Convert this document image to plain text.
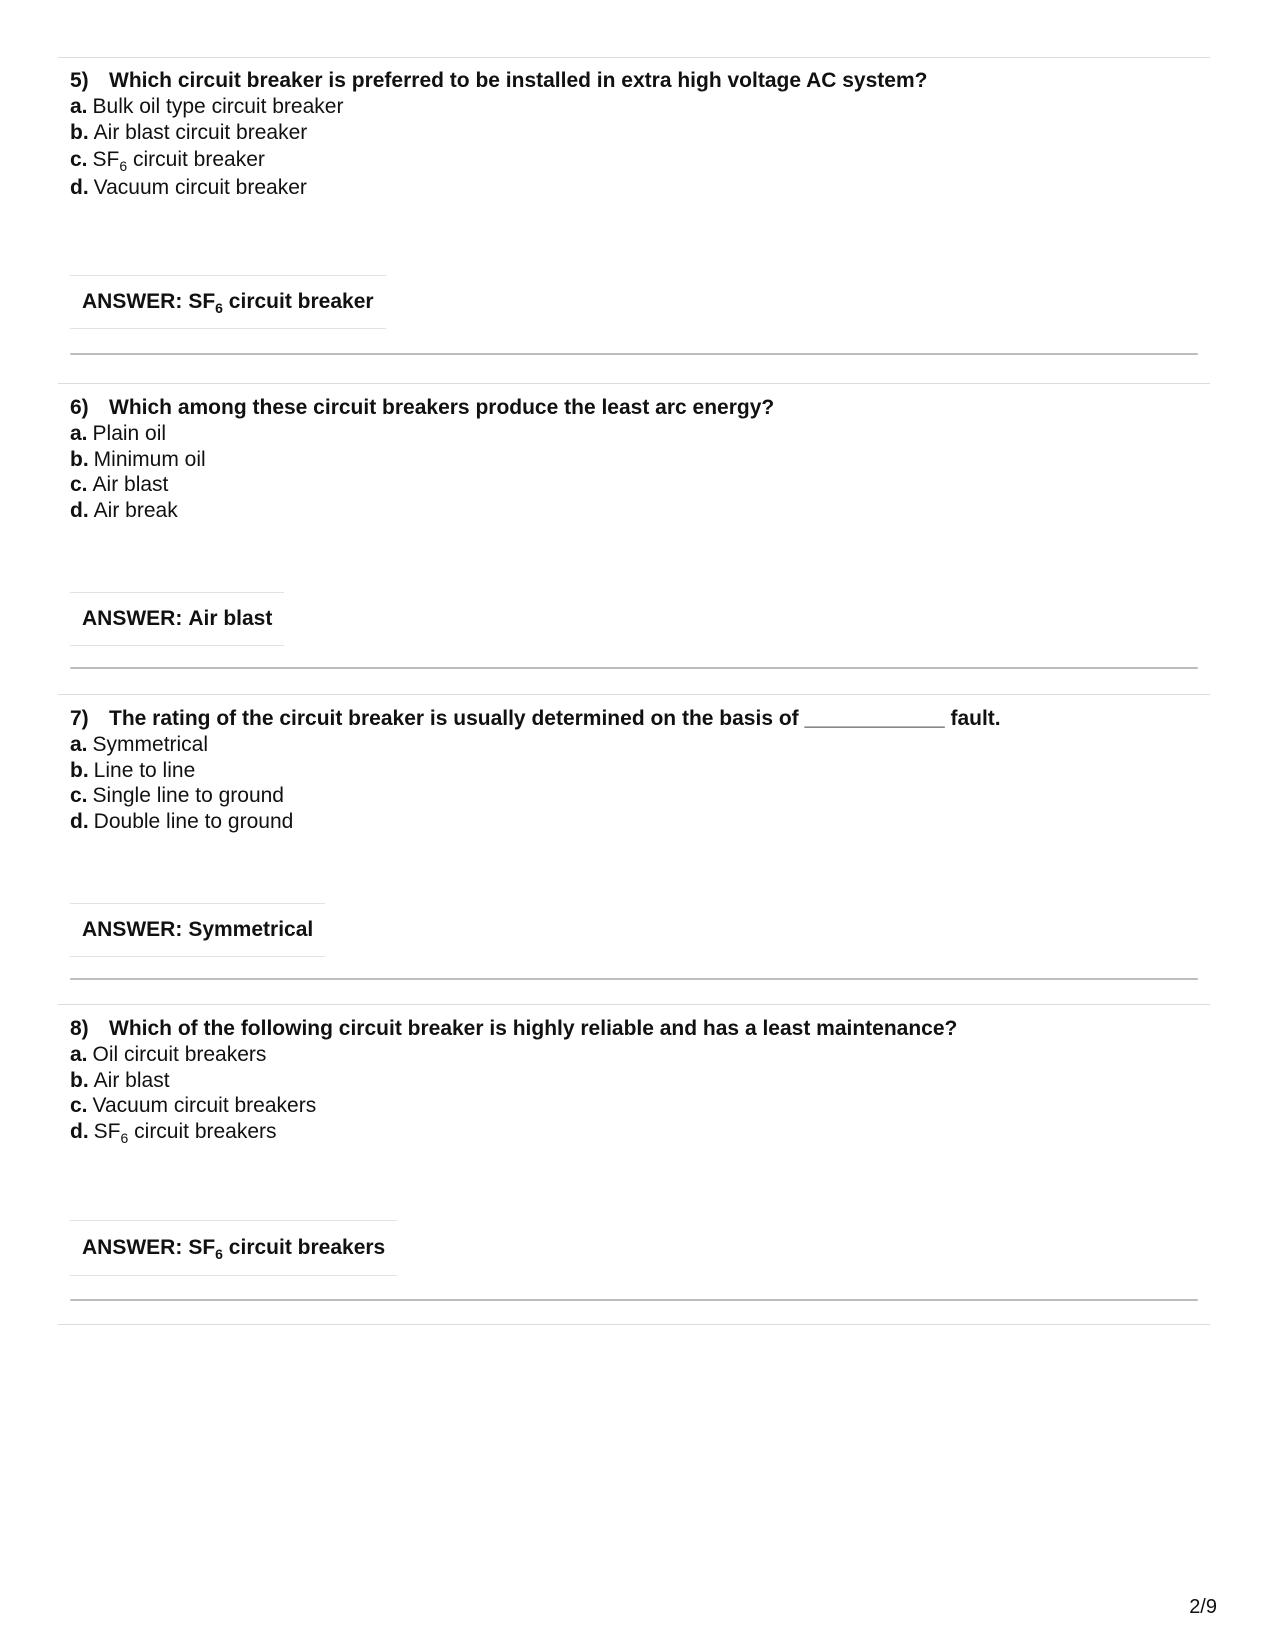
5) Which circuit breaker is preferred to be installed in extra high voltage AC system?

a. Bulk oil type circuit breaker
b. Air blast circuit breaker
c. $SF_6$ circuit breaker
d. Vacuum circuit breaker
ANSWER: $SF_6$ circuit breaker

6) Which among these circuit breakers produce the least arc energy?

a. Plain oil
b. Minimum oil
c. Air blast
d. Air break
ANSWER: Air blast

7) The rating of the circuit breaker is usually determined on the basis of ____________ fault.

a. Symmetrical
b. Line to line
c. Single line to ground
d. Double line to ground
ANSWER: Symmetrical

8) Which of the following circuit breaker is highly reliable and has a least maintenance?

a. Oil circuit breakers
b. Air blast
c. Vacuum circuit breakers
d. $SF_6$ circuit breakers
ANSWER: $SF_6$ circuit breakers
2/9
